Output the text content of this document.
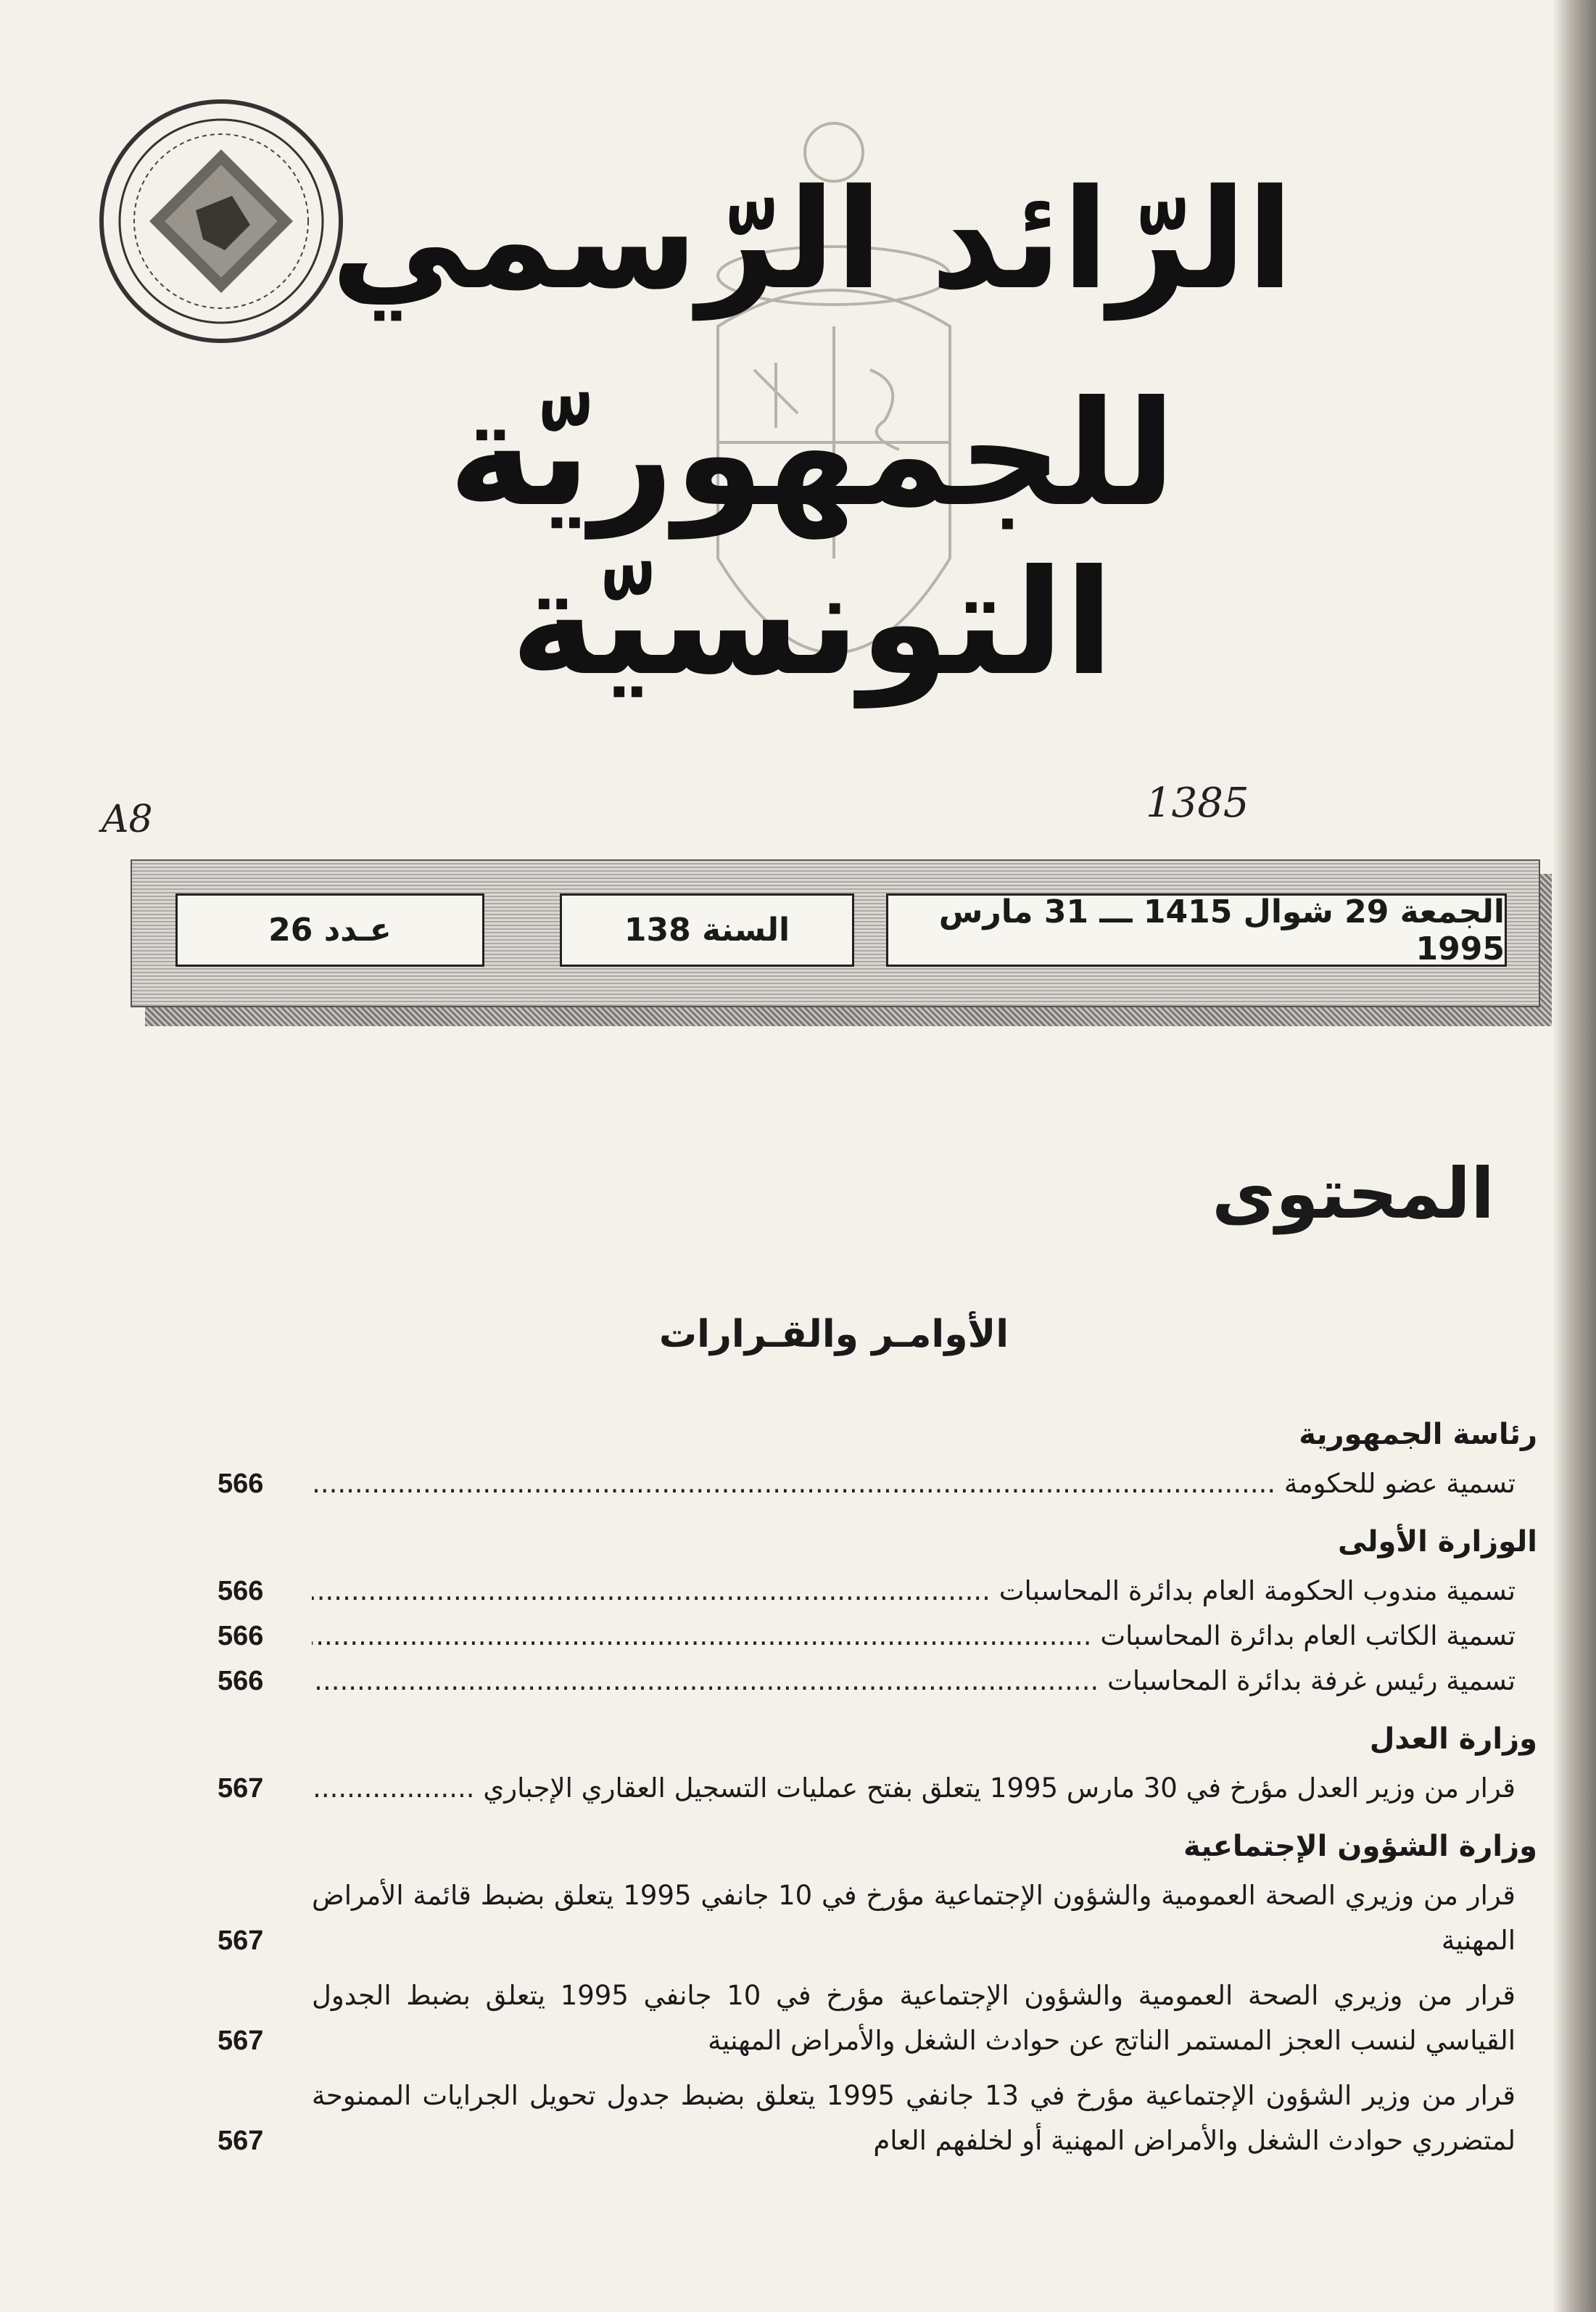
الرّائد الرّسمي
للجمهوريّة التونسيّة
A8	1385
الجمعة 29 شوال 1415 ـــ 31 مارس 1995
السنة 138
عـدد 26
المحتوى
الأوامـر والقـرارات
رئاسة الجمهورية
تسمية عضو للحكومة .....
566
الوزارة الأولى
تسمية مندوب الحكومة العام بدائرة المحاسبات .....
566
تسمية الكاتب العام بدائرة المحاسبات .....
566
تسمية رئيس غرفة بدائرة المحاسبات .....
566
وزارة العدل
قرار من وزير العدل مؤرخ في 30 مارس 1995 يتعلق بفتح عمليات التسجيل العقاري الإجباري .....
567
وزارة الشؤون الإجتماعية
قرار من وزيري الصحة العمومية والشؤون الإجتماعية مؤرخ في 10 جانفي 1995 يتعلق بضبط قائمة الأمراض المهنية
567
قرار من وزيري الصحة العمومية والشؤون الإجتماعية مؤرخ في 10 جانفي 1995 يتعلق بضبط الجدول القياسي لنسب العجز المستمر الناتج عن حوادث الشغل والأمراض المهنية
567
قرار من وزير الشؤون الإجتماعية مؤرخ في 13 جانفي 1995 يتعلق بضبط جدول تحويل الجرايات الممنوحة لمتضرري حوادث الشغل والأمراض المهنية أو لخلفهم العام
567
